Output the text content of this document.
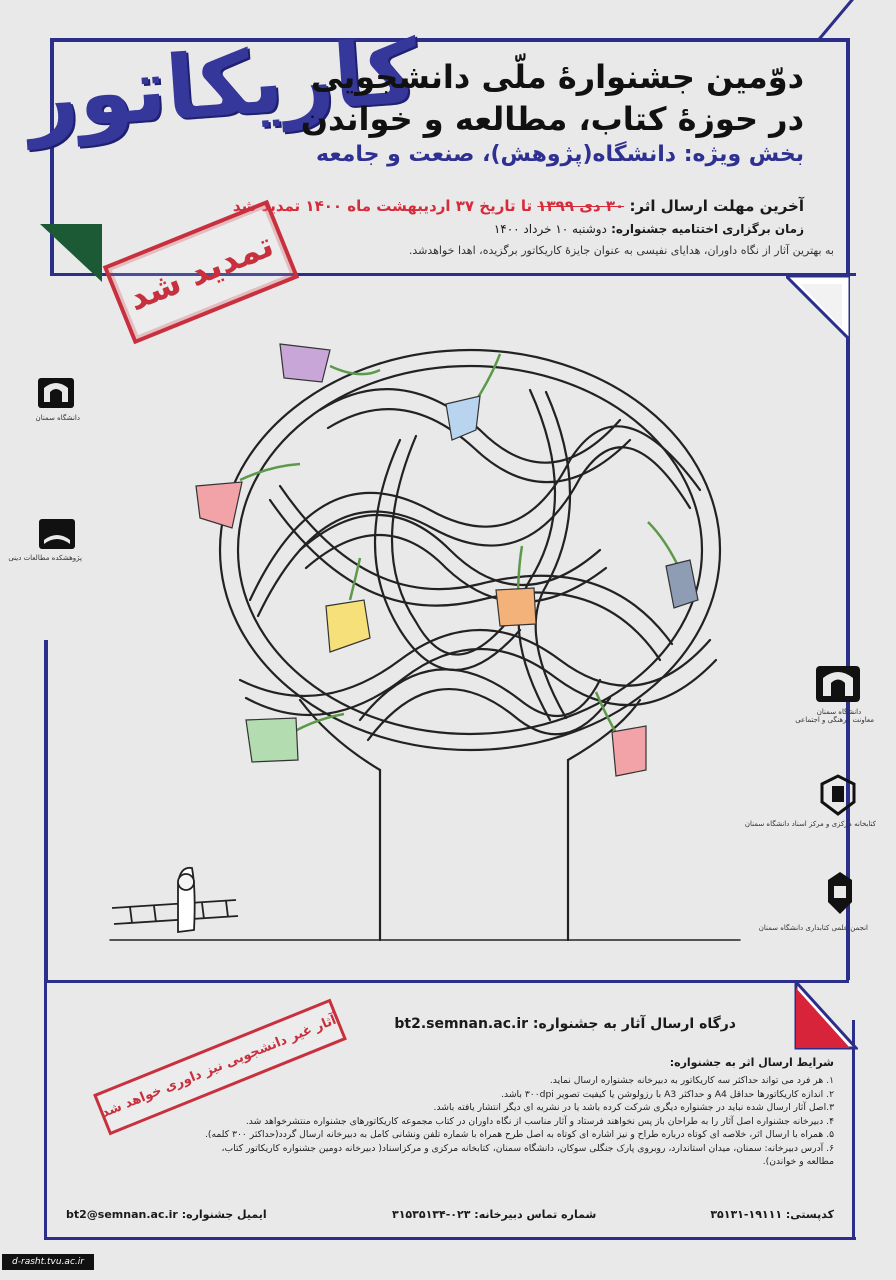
کاریکاتور
دوّمین جشنوارهٔ ملّی دانشجویی
در حوزهٔ کتاب، مطالعه و خواندن
بخش ویژه: دانشگاه(پژوهش)، صنعت و جامعه
آخرین مهلت ارسال اثر: ۳۰ دی ۱۳۹۹ تا تاریخ ۳۷ اردیبهشت ماه ۱۴۰۰ تمدید شد
زمان برگزاری اختتامیه جشنواره: دوشنبه ۱۰ خرداد ۱۴۰۰
به بهترین آثار از نگاه داوران، هدایای نفیسی به عنوان جایزهٔ کاریکاتور برگزیده، اهدا خواهدشد.
تمدید شد
دانشگاه سمنان
پژوهشکده مطالعات دینی
دانشگاه سمنان
معاونت فرهنگی و اجتماعی
کتابخانه مرکزی و مرکز اسناد دانشگاه سمنان
انجمن علمی کتابداری دانشگاه سمنان
آثار غیر دانشجویی نیز داوری خواهد شد	درگاه ارسال آثار به جشنواره: bt2.semnan.ac.ir
شرایط ارسال اثر به جشنواره:
۱. هر فرد می تواند حداکثر سه کاریکاتور به دبیرخانه جشنواره ارسال نماید.
۲. اندازه کاریکاتورها حداقل A4 و حداکثر A3 با رزولوشن یا کیفیت تصویر ۳۰۰dpi باشد.
۳.اصل آثار ارسال شده نباید در جشنواره دیگری شرکت کرده باشد یا در نشریه ای دیگر انتشار یافته باشد.
۴. دبیرخانه جشنواره اصل آثار را به طراحان باز پس نخواهند فرستاد و آثار مناسب از نگاه داوران در کتاب مجموعه کاریکاتورهای جشنواره منتشرخواهد شد.
۵. همراه با ارسال اثر، خلاصه ای کوتاه درباره طراح و نیز اشاره ای کوتاه به اصل طرح همراه با شماره تلفن ونشانی کامل به دبیرخانه ارسال گردد(حداکثر ۳۰۰ کلمه).
۶. آدرس دبیرخانه: سمنان، میدان استاندارد، روبروی پارک جنگلی سوکان، دانشگاه سمنان، کتابخانه مرکزی و مرکزاسناد( دبیرخانه دومین جشنواره کاریکاتور کتاب، مطالعه و خواندن).
کدپستی: ۱۹۱۱۱-۳۵۱۳۱
شماره تماس دبیرخانه: ۰۲۳-۳۱۵۳۵۱۳۴
ایمیل جشنواره: bt2@semnan.ac.ir
d-rasht.tvu.ac.ir
